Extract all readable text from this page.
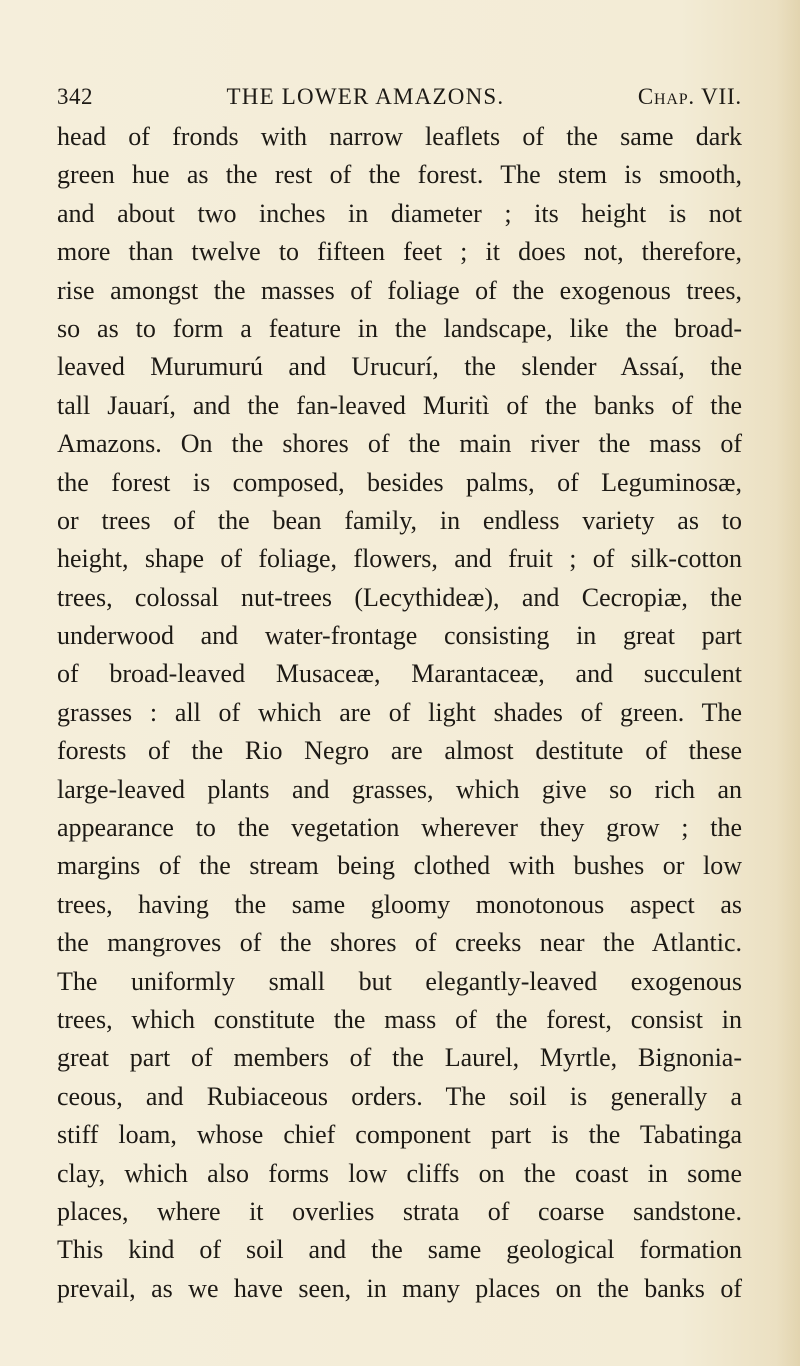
342	THE LOWER AMAZONS.	Chap. VII.
head of fronds with narrow leaflets of the same dark
green hue as the rest of the forest. The stem is smooth,
and about two inches in diameter ; its height is not
more than twelve to fifteen feet ; it does not, therefore,
rise amongst the masses of foliage of the exogenous trees,
so as to form a feature in the landscape, like the broad-
leaved Murumurú and Urucurí, the slender Assaí, the
tall Jauarí, and the fan-leaved Muritì of the banks of the
Amazons. On the shores of the main river the mass of
the forest is composed, besides palms, of Leguminosæ,
or trees of the bean family, in endless variety as to
height, shape of foliage, flowers, and fruit ; of silk-cotton
trees, colossal nut-trees (Lecythideæ), and Cecropiæ, the
underwood and water-frontage consisting in great part
of broad-leaved Musaceæ, Marantaceæ, and succulent
grasses : all of which are of light shades of green. The
forests of the Rio Negro are almost destitute of these
large-leaved plants and grasses, which give so rich an
appearance to the vegetation wherever they grow ; the
margins of the stream being clothed with bushes or low
trees, having the same gloomy monotonous aspect as
the mangroves of the shores of creeks near the Atlantic.
The uniformly small but elegantly-leaved exogenous
trees, which constitute the mass of the forest, consist in
great part of members of the Laurel, Myrtle, Bignonia-
ceous, and Rubiaceous orders. The soil is generally a
stiff loam, whose chief component part is the Tabatinga
clay, which also forms low cliffs on the coast in some
places, where it overlies strata of coarse sandstone.
This kind of soil and the same geological formation
prevail, as we have seen, in many places on the banks of
